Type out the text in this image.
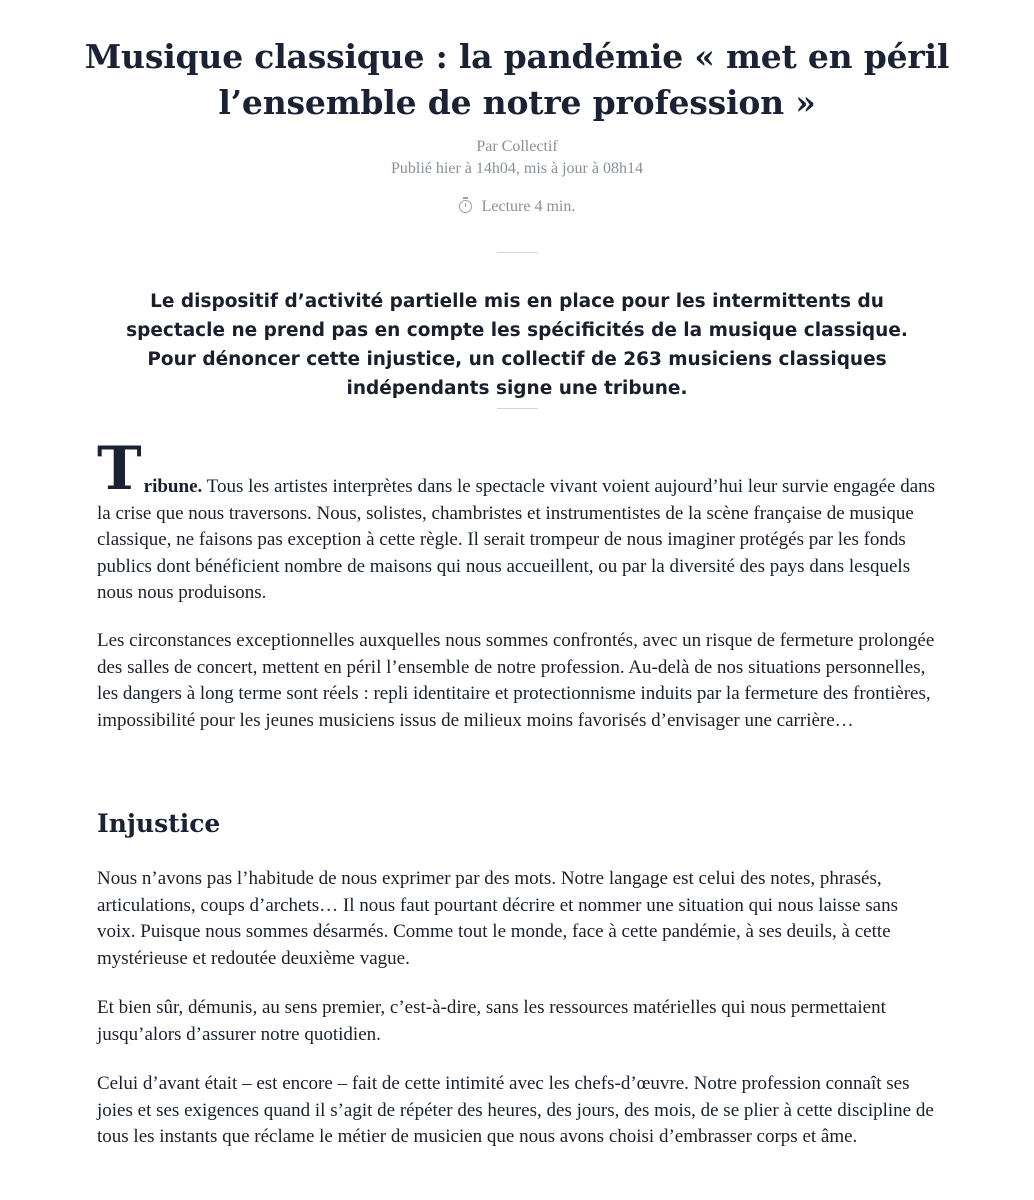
Musique classique : la pandémie « met en péril l’ensemble de notre profession »
Par Collectif
Publié hier à 14h04, mis à jour à 08h14
Lecture 4 min.

Le dispositif d’activité partielle mis en place pour les intermittents du spectacle ne prend pas en compte les spécificités de la musique classique. Pour dénoncer cette injustice, un collectif de 263 musiciens classiques indépendants signe une tribune.

Tribune. Tous les artistes interprètes dans le spectacle vivant voient aujourd’hui leur survie engagée dans la crise que nous traversons. Nous, solistes, chambristes et instrumentistes de la scène française de musique classique, ne faisons pas exception à cette règle. Il serait trompeur de nous imaginer protégés par les fonds publics dont bénéficient nombre de maisons qui nous accueillent, ou par la diversité des pays dans lesquels nous nous produisons.

Les circonstances exceptionnelles auxquelles nous sommes confrontés, avec un risque de fermeture prolongée des salles de concert, mettent en péril l’ensemble de notre profession. Au-delà de nos situations personnelles, les dangers à long terme sont réels : repli identitaire et protectionnisme induits par la fermeture des frontières, impossibilité pour les jeunes musiciens issus de milieux moins favorisés d’envisager une carrière…

Injustice

Nous n’avons pas l’habitude de nous exprimer par des mots. Notre langage est celui des notes, phrasés, articulations, coups d’archets… Il nous faut pourtant décrire et nommer une situation qui nous laisse sans voix. Puisque nous sommes désarmés. Comme tout le monde, face à cette pandémie, à ses deuils, à cette mystérieuse et redoutée deuxième vague.

Et bien sûr, démunis, au sens premier, c’est-à-dire, sans les ressources matérielles qui nous permettaient jusqu’alors d’assurer notre quotidien.

Celui d’avant était – est encore – fait de cette intimité avec les chefs-d’œuvre. Notre profession connaît ses joies et ses exigences quand il s’agit de répéter des heures, des jours, des mois, de se plier à cette discipline de tous les instants que réclame le métier de musicien que nous avons choisi d’embrasser corps et âme.
